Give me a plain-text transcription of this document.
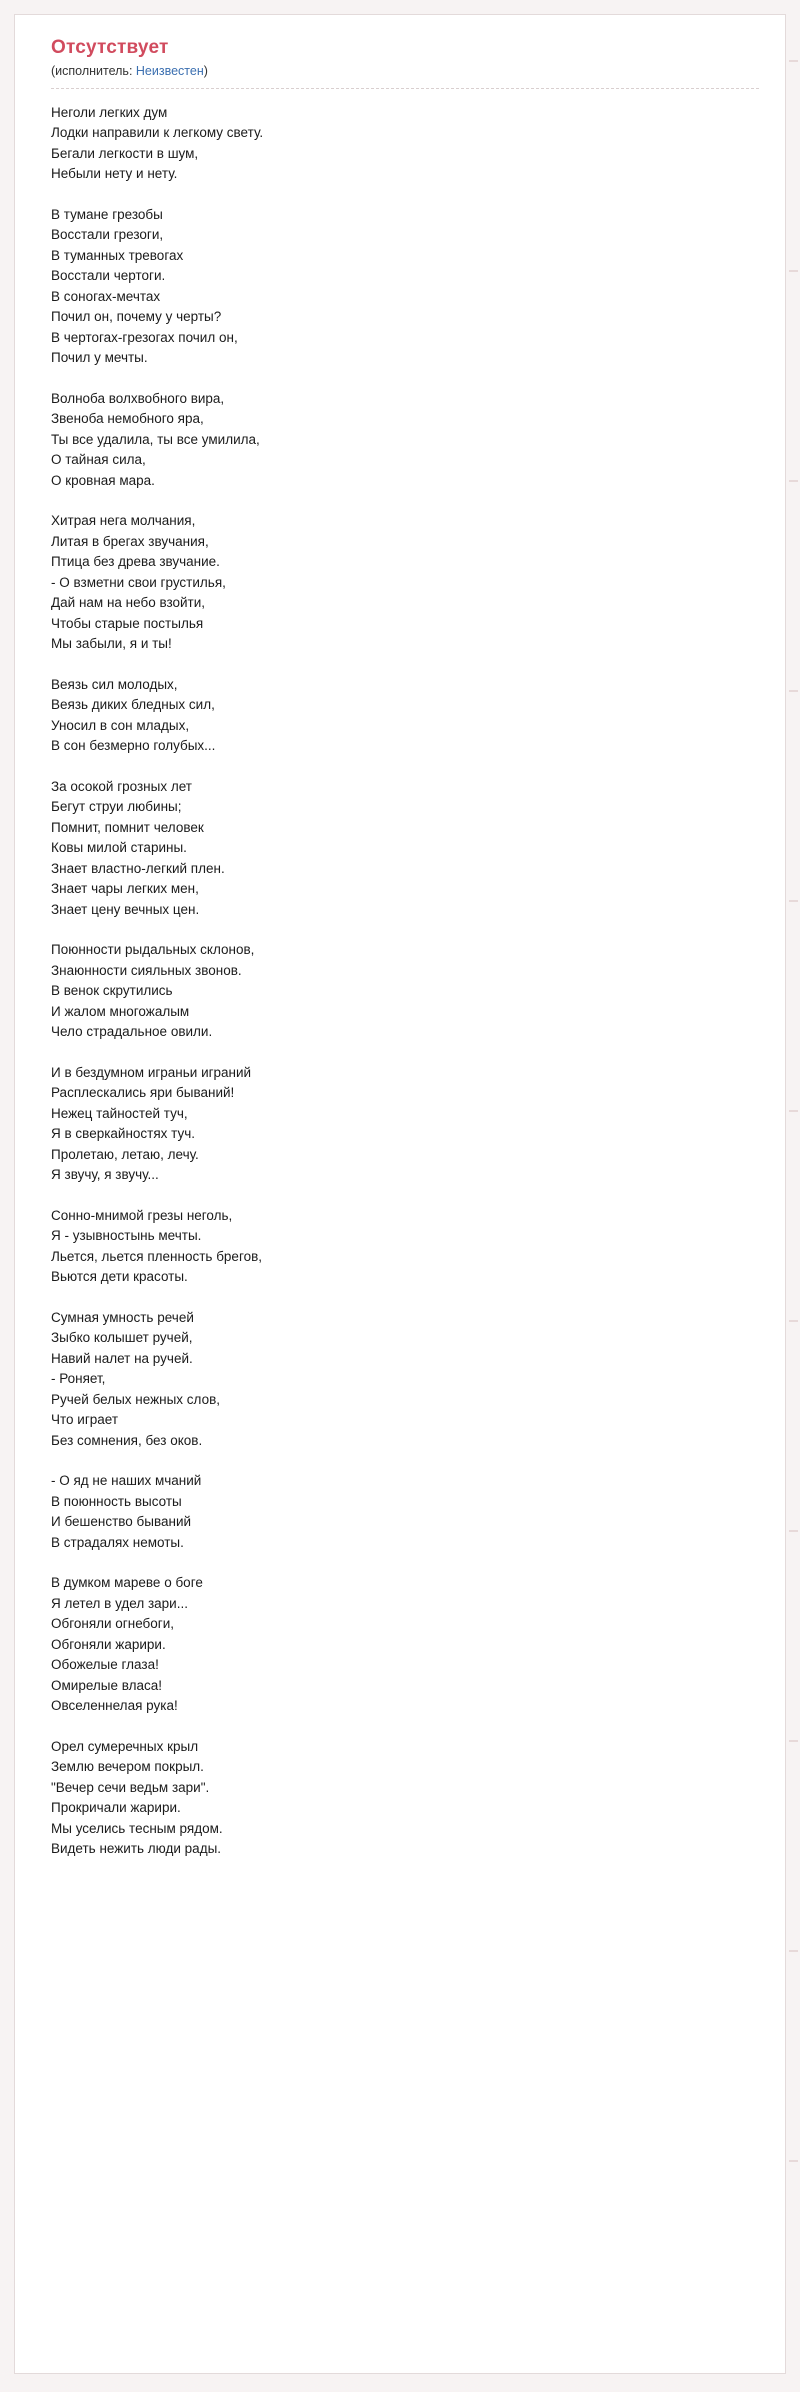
Отсутствует
(исполнитель: Неизвестен)
Неголи легких дум
Лодки направили к легкому свету.
Бегали легкости в шум,
Небыли нету и нету.
В тумане грезобы
Восстали грезоги,
В туманных тревогах
Восстали чертоги.
В соногах-мечтах
Почил он, почему у черты?
В чертогах-грезогах почил он,
Почил у мечты.
Волноба волхвобного вира,
Звеноба немобного яра,
Ты все удалила, ты все умилила,
О тайная сила,
О кровная мара.
Хитрая нега молчания,
Литая в брегах звучания,
Птица без древа звучание.
- О взметни свои грустилья,
Дай нам на небо взойти,
Чтобы старые постылья
Мы забыли, я и ты!
Веязь сил молодых,
Веязь диких бледных сил,
Уносил в сон младых,
В сон безмерно голубых...
За осокой грозных лет
Бегут струи любины;
Помнит, помнит человек
Ковы милой старины.
Знает властно-легкий плен.
Знает чары легких мен,
Знает цену вечных цен.
Поюнности рыдальных склонов,
Знаюнности сияльных звонов.
В венок скрутились
И жалом многожалым
Чело страдальное овили.
И в бездумном играньи играний
Расплескались яри бываний!
Нежец тайностей туч,
Я в сверкайностях туч.
Пролетаю, летаю, лечу.
Я звучу, я звучу...
Сонно-мнимой грезы неголь,
Я - узывностынь мечты.
Льется, льется пленность брегов,
Вьются дети красоты.
Сумная умность речей
Зыбко колышет ручей,
Навий налет на ручей.
- Роняет,
Ручей белых нежных слов,
Что играет
Без сомнения, без оков.
- О яд не наших мчаний
В поюнность высоты
И бешенство бываний
В страдалях немоты.
В думком мареве о боге
Я летел в удел зари...
Обгоняли огнебоги,
Обгоняли жарири.
Обожелые глаза!
Омирелые власа!
Овселеннелая рука!
Орел сумеречных крыл
Землю вечером покрыл.
"Вечер сечи ведьм зари".
Прокричали жарири.
Мы уселись тесным рядом.
Видеть нежить люди рады.
